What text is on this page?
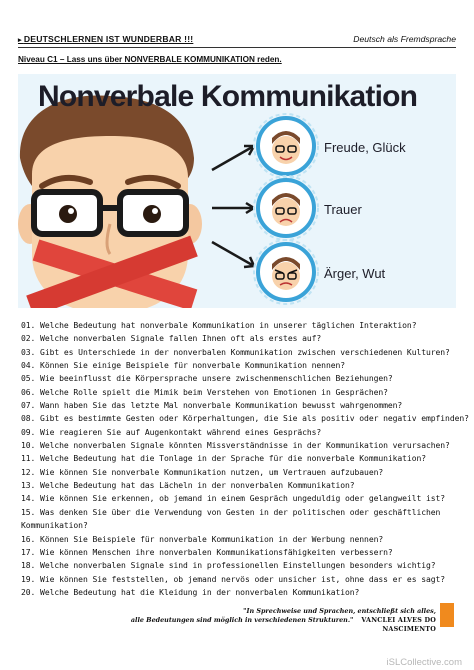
▸ DEUTSCHLERNEN IST WUNDERBAR !!!	Deutsch als Fremdsprache
Niveau C1 – Lass uns über NONVERBALE KOMMUNIKATION reden.
Nonverbale Kommunikation
Freude, Glück
Trauer
Ärger, Wut
01. Welche Bedeutung hat nonverbale Kommunikation in unserer täglichen Interaktion?
02. Welche nonverbalen Signale fallen Ihnen oft als erstes auf?
03. Gibt es Unterschiede in der nonverbalen Kommunikation zwischen verschiedenen Kulturen?
04. Können Sie einige Beispiele für nonverbale Kommunikation nennen?
05. Wie beeinflusst die Körpersprache unsere zwischenmenschlichen Beziehungen?
06. Welche Rolle spielt die Mimik beim Verstehen von Emotionen in Gesprächen?
07. Wann haben Sie das letzte Mal nonverbale Kommunikation bewusst wahrgenommen?
08. Gibt es bestimmte Gesten oder Körperhaltungen, die Sie als positiv oder negativ empfinden?
09. Wie reagieren Sie auf Augenkontakt während eines Gesprächs?
10. Welche nonverbalen Signale könnten Missverständnisse in der Kommunikation verursachen?
11. Welche Bedeutung hat die Tonlage in der Sprache für die nonverbale Kommunikation?
12. Wie können Sie nonverbale Kommunikation nutzen, um Vertrauen aufzubauen?
13. Welche Bedeutung hat das Lächeln in der nonverbalen Kommunikation?
14. Wie können Sie erkennen, ob jemand in einem Gespräch ungeduldig oder gelangweilt ist?
15. Was denken Sie über die Verwendung von Gesten in der politischen oder geschäftlichen
Kommunikation?
16. Können Sie Beispiele für nonverbale Kommunikation in der Werbung nennen?
17. Wie können Menschen ihre nonverbalen Kommunikationsfähigkeiten verbessern?
18. Welche nonverbalen Signale sind in professionellen Einstellungen besonders wichtig?
19. Wie können Sie feststellen, ob jemand nervös oder unsicher ist, ohne dass er es sagt?
20. Welche Bedeutung hat die Kleidung in der nonverbalen Kommunikation?
"In Sprechweise und Sprachen, entschließt sich alles,
alle Bedeutungen sind möglich in verschiedenen Strukturen." VANCLEI ALVES DO NASCIMENTO
iSLCollective.com
